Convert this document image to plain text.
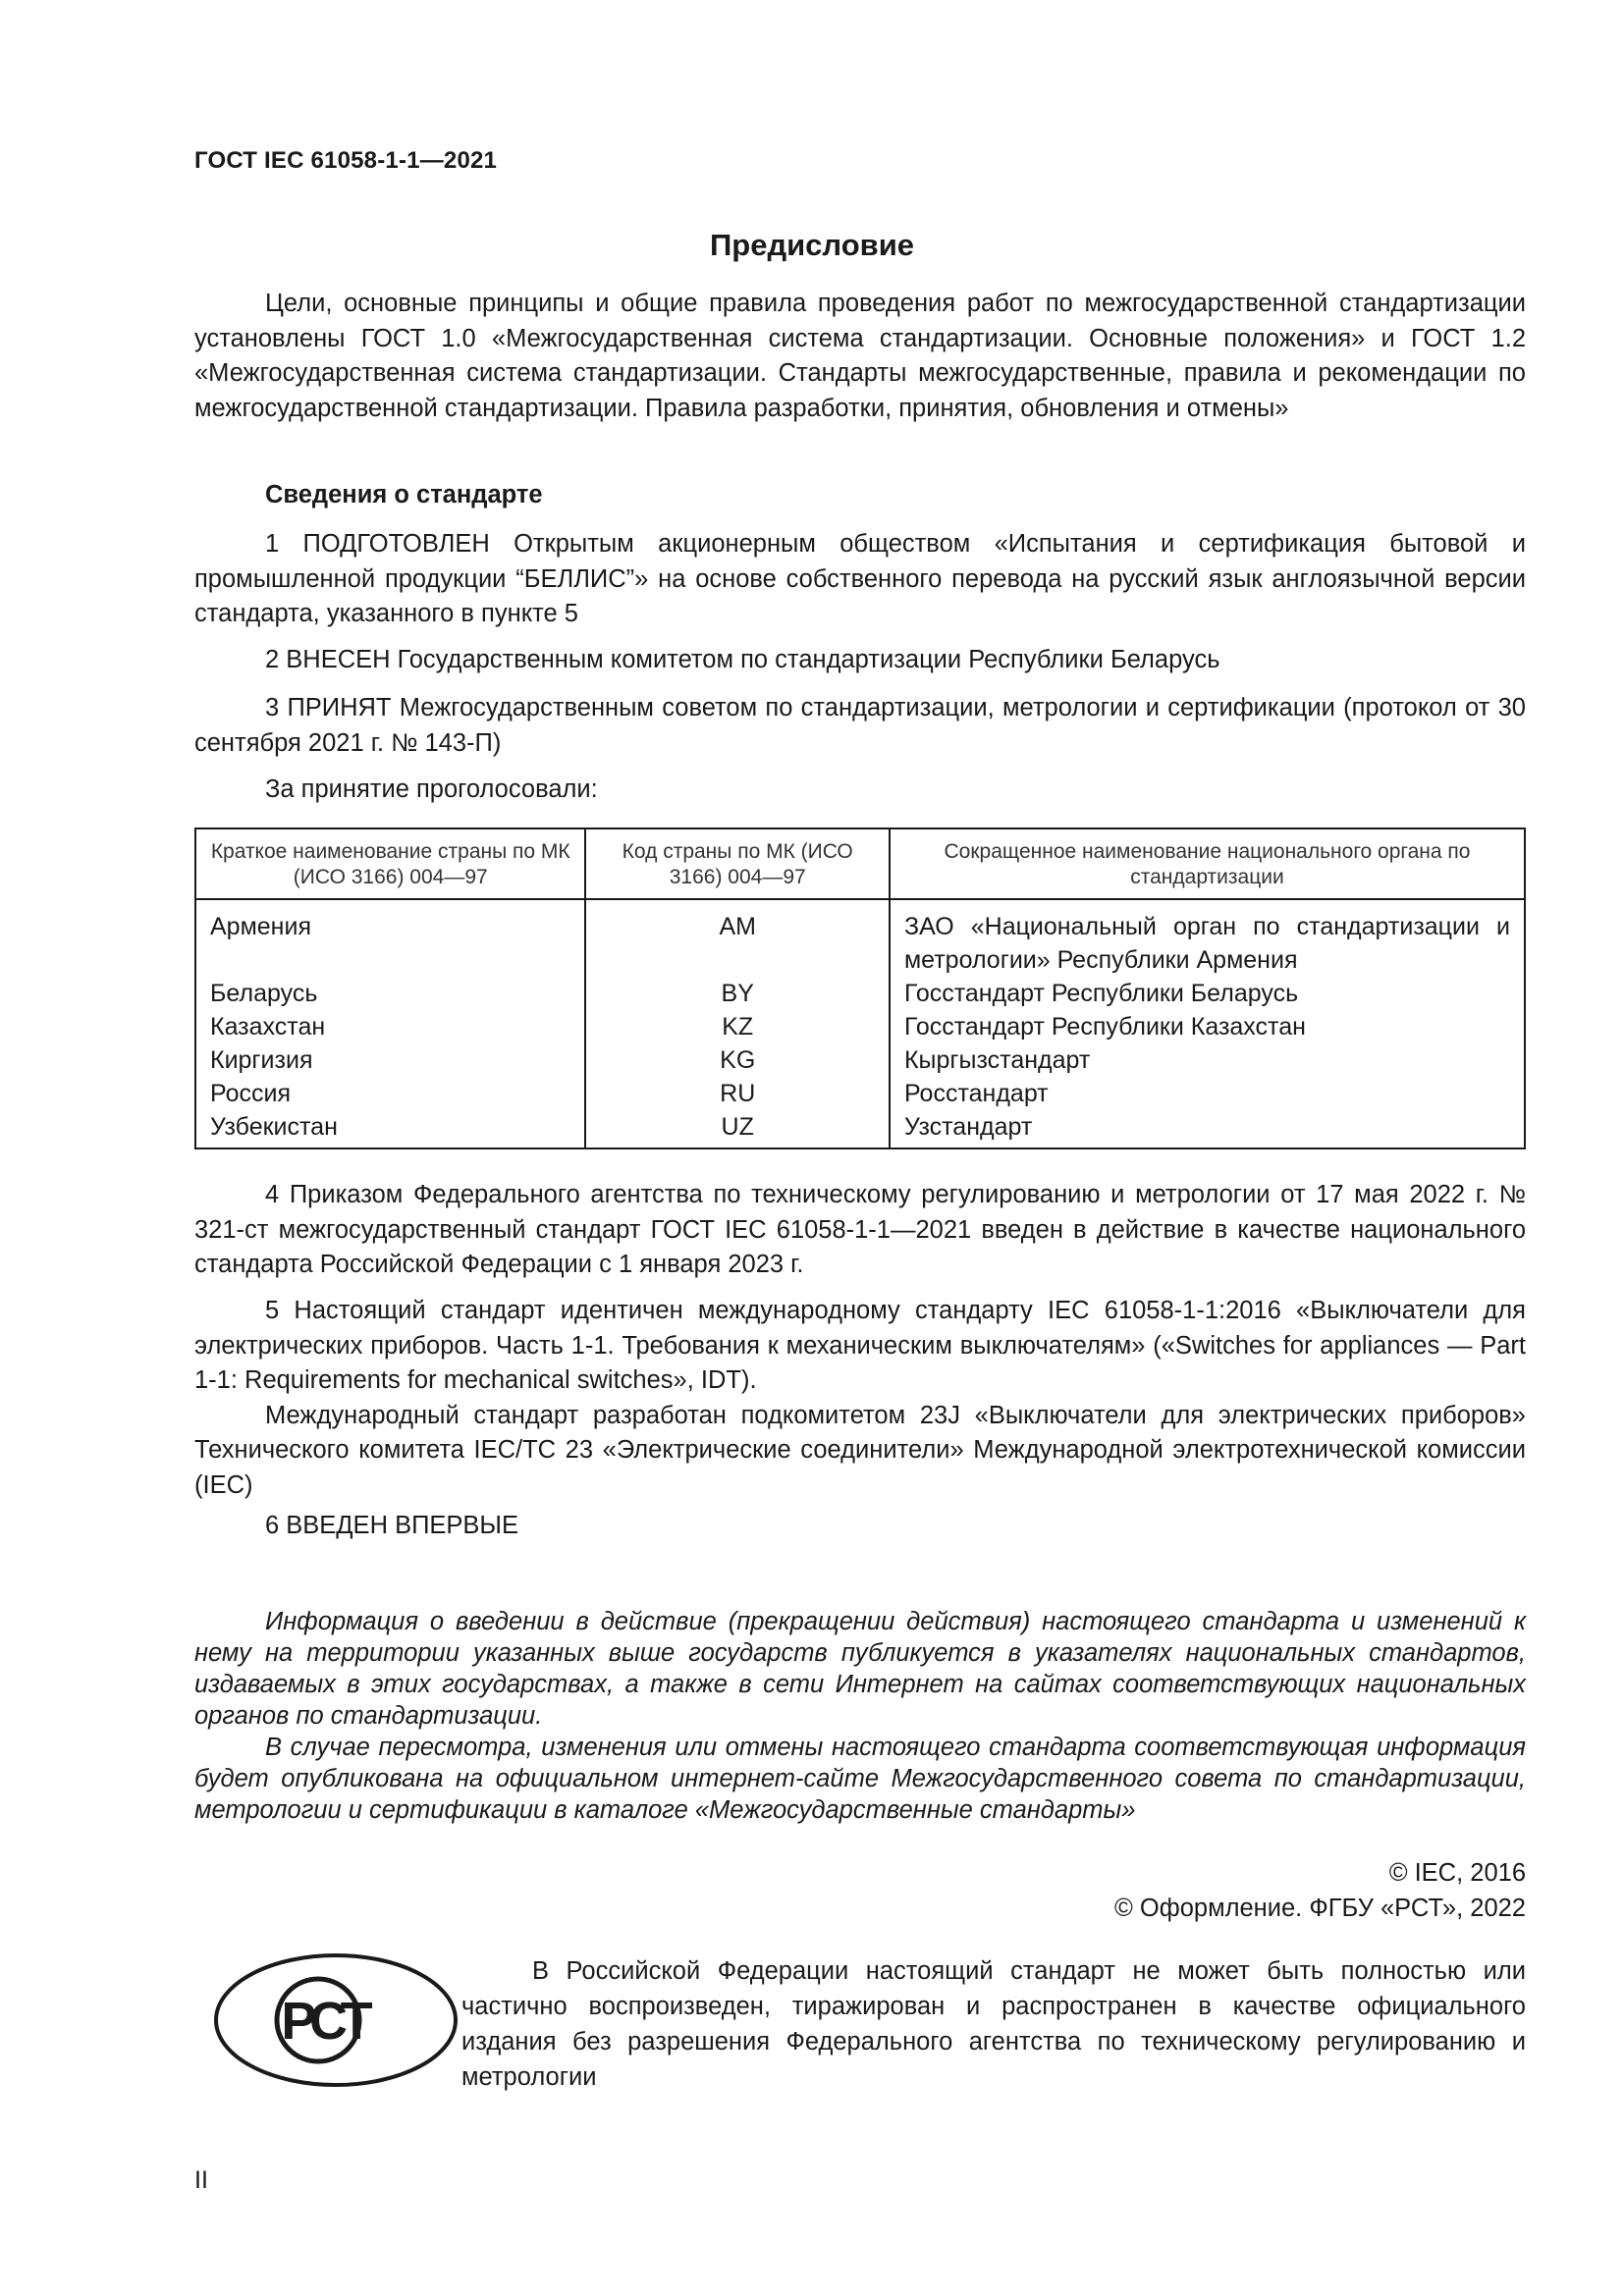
ГОСТ IEC 61058-1-1—2021
Предисловие

Цели, основные принципы и общие правила проведения работ по межгосударственной стандартизации установлены ГОСТ 1.0 «Межгосударственная система стандартизации. Основные положения» и ГОСТ 1.2 «Межгосударственная система стандартизации. Стандарты межгосударственные, правила и рекомендации по межгосударственной стандартизации. Правила разработки, принятия, обновления и отмены»

Сведения о стандарте

1 ПОДГОТОВЛЕН Открытым акционерным обществом «Испытания и сертификация бытовой и промышленной продукции “БЕЛЛИС”» на основе собственного перевода на русский язык англоязычной версии стандарта, указанного в пункте 5

2 ВНЕСЕН Государственным комитетом по стандартизации Республики Беларусь

3 ПРИНЯТ Межгосударственным советом по стандартизации, метрологии и сертификации (протокол от 30 сентября 2021 г. № 143-П)

За принятие проголосовали:

Краткое наименование страны по МК (ИСО 3166) 004—97	Код страны по МК (ИСО 3166) 004—97	Сокращенное наименование национального органа по стандартизации
Армения	AM	ЗАО «Национальный орган по стандартизации и метрологии» Республики Армения
Беларусь	BY	Госстандарт Республики Беларусь
Казахстан	KZ	Госстандарт Республики Казахстан
Киргизия	KG	Кыргызстандарт
Россия	RU	Росстандарт
Узбекистан	UZ	Узстандарт

4 Приказом Федерального агентства по техническому регулированию и метрологии от 17 мая 2022 г. № 321-ст межгосударственный стандарт ГОСТ IEC 61058-1-1—2021 введен в действие в качестве национального стандарта Российской Федерации с 1 января 2023 г.

5 Настоящий стандарт идентичен международному стандарту IEC 61058-1-1:2016 «Выключатели для электрических приборов. Часть 1-1. Требования к механическим выключателям» («Switches for appliances — Part 1-1: Requirements for mechanical switches», IDT).

Международный стандарт разработан подкомитетом 23J «Выключатели для электрических приборов» Технического комитета IEC/TC 23 «Электрические соединители» Международной электротехнической комиссии (IEC)

6 ВВЕДЕН ВПЕРВЫЕ

Информация о введении в действие (прекращении действия) настоящего стандарта и изменений к нему на территории указанных выше государств публикуется в указателях национальных стандартов, издаваемых в этих государствах, а также в сети Интернет на сайтах соответствующих национальных органов по стандартизации.

В случае пересмотра, изменения или отмены настоящего стандарта соответствующая информация будет опубликована на официальном интернет-сайте Межгосударственного совета по стандартизации, метрологии и сертификации в каталоге «Межгосударственные стандарты»

© IEC, 2016
© Оформление. ФГБУ «РСТ», 2022
РСТ

В Российской Федерации настоящий стандарт не может быть полностью или частично воспроизведен, тиражирован и распространен в качестве официального издания без разрешения Федерального агентства по техническому регулированию и метрологии

II
